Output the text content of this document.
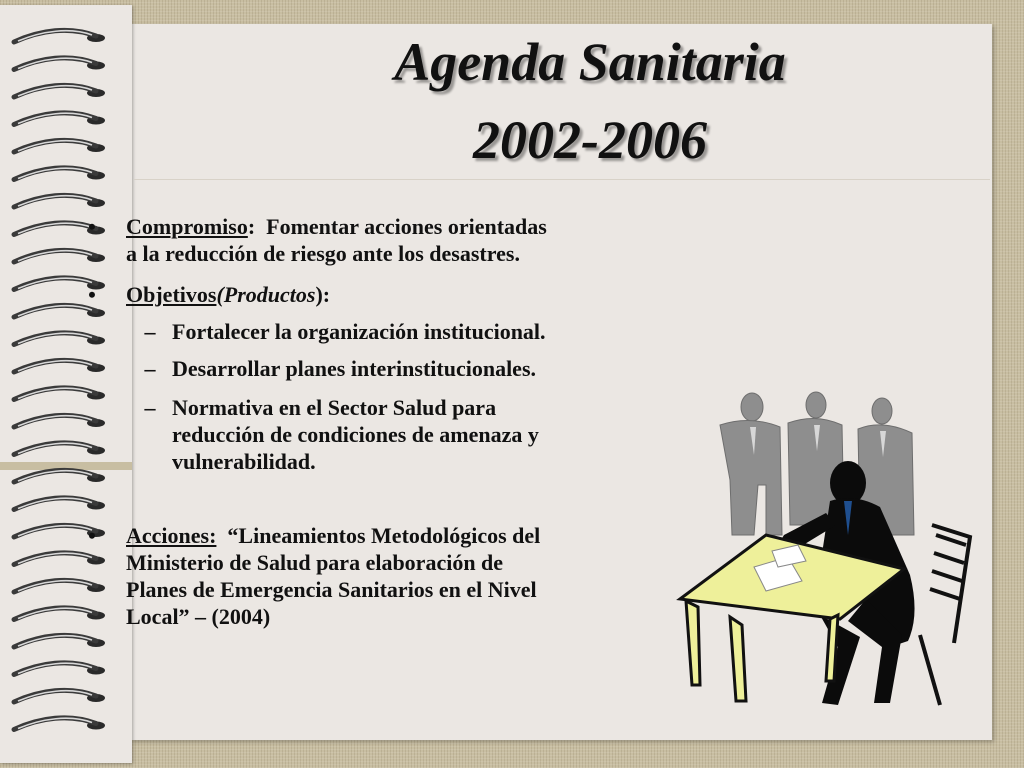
Agenda Sanitaria
2002-2006
• Compromiso: Fomentar acciones orientadas
a la reducción de riesgo ante los desastres.
• Objetivos(Productos):
– Fortalecer la organización institucional.
– Desarrollar planes interinstitucionales.
– Normativa en el Sector Salud para
reducción de condiciones de amenaza y
vulnerabilidad.
• Acciones: “Lineamientos Metodológicos del
Ministerio de Salud para elaboración de
Planes de Emergencia Sanitarios en el Nivel
Local” – (2004)
